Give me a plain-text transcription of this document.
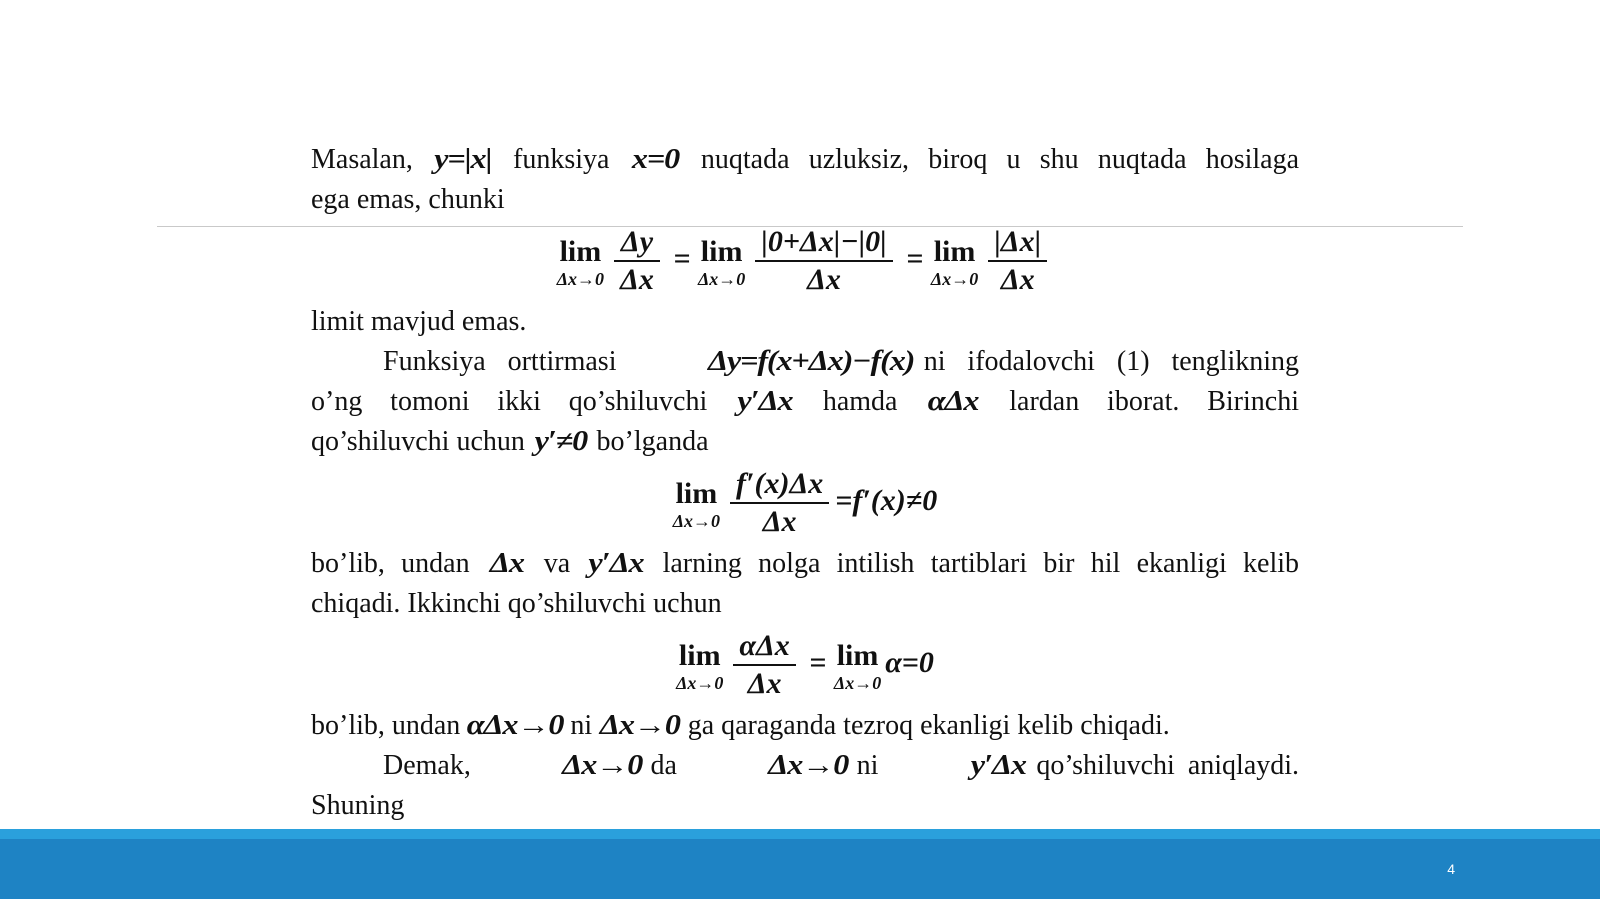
Masalan, y=|x| funksiya x=0 nuqtada uzluksiz, biroq u shu nuqtada hosilaga

ega emas, chunki

lim
$\Delta x\to 0 \frac{\Delta y}{\Delta x} = \lim$
$\Delta x\to 0 \frac{|0+\Delta x|-|0|}{\Delta x} = \lim$
$\Delta x\to 0 \frac{|\Delta x|}{\Delta x}$

limit mavjud emas.

Funksiya orttirmasi	Δy=f(x+Δx)−f(x) ni ifodalovchi (1) tenglikning

o’ng tomoni ikki qo’shiluvchi y′Δx hamda αΔx lardan iborat. Birinchi

qo’shiluvchi uchun y′≠0 bo’lganda

lim
$\Delta x\to 0 \frac{f'(x)\Delta x}{\Delta x} =f'(x)\ne 0$

bo’lib, undan Δx va y′Δx larning nolga intilish tartiblari bir hil ekanligi kelib

chiqadi. Ikkinchi qo’shiluvchi uchun

lim
$\Delta x\to 0 \frac{\text{αΔx}}{\Delta x} = \lim$
Δx→0
α=0

bo’lib, undan αΔx→0 ni Δx→0 ga qaraganda tezroq ekanligi kelib chiqadi.

Demak,	Δx→0 da	Δx→0 ni	y′Δx qo’shiluvchi aniqlaydi. Shuning

4
